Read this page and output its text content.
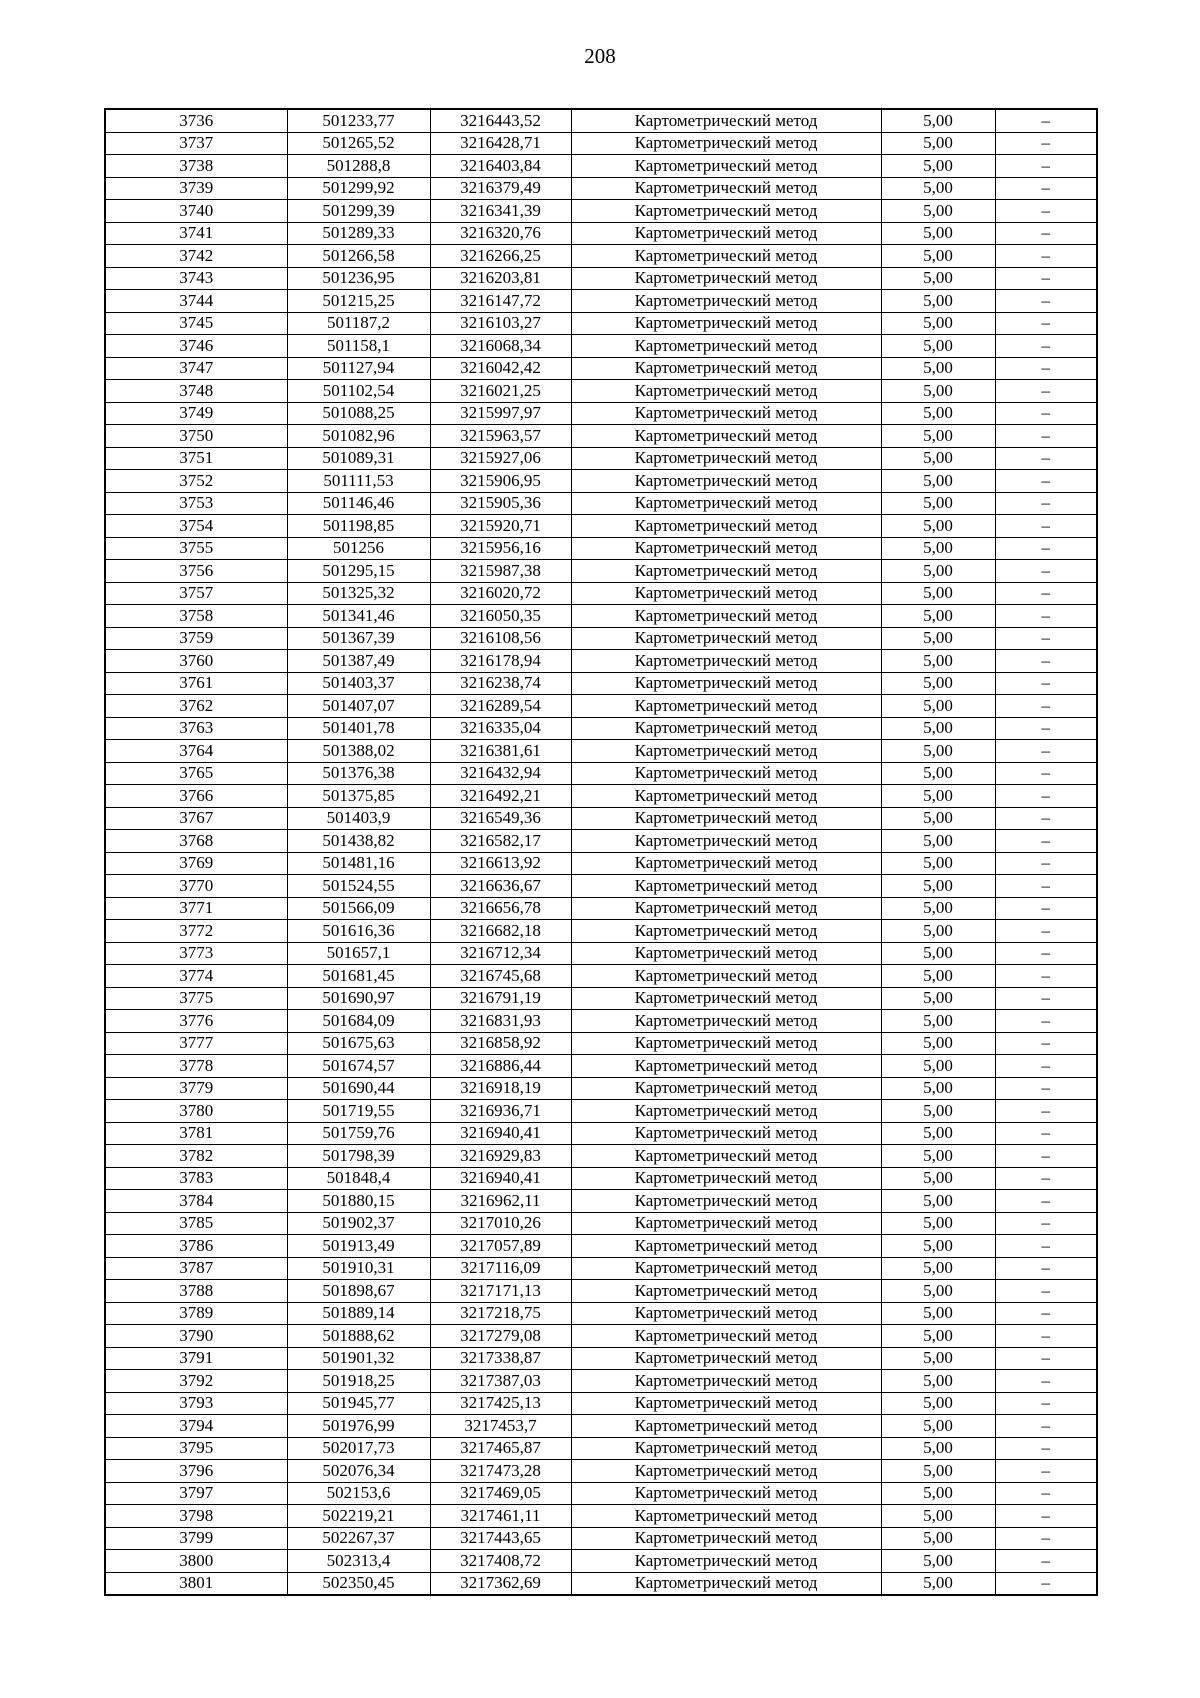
208
3736	501233,77	3216443,52	Картометрический метод	5,00	–
3737	501265,52	3216428,71	Картометрический метод	5,00	–
3738	501288,8	3216403,84	Картометрический метод	5,00	–
3739	501299,92	3216379,49	Картометрический метод	5,00	–
3740	501299,39	3216341,39	Картометрический метод	5,00	–
3741	501289,33	3216320,76	Картометрический метод	5,00	–
3742	501266,58	3216266,25	Картометрический метод	5,00	–
3743	501236,95	3216203,81	Картометрический метод	5,00	–
3744	501215,25	3216147,72	Картометрический метод	5,00	–
3745	501187,2	3216103,27	Картометрический метод	5,00	–
3746	501158,1	3216068,34	Картометрический метод	5,00	–
3747	501127,94	3216042,42	Картометрический метод	5,00	–
3748	501102,54	3216021,25	Картометрический метод	5,00	–
3749	501088,25	3215997,97	Картометрический метод	5,00	–
3750	501082,96	3215963,57	Картометрический метод	5,00	–
3751	501089,31	3215927,06	Картометрический метод	5,00	–
3752	501111,53	3215906,95	Картометрический метод	5,00	–
3753	501146,46	3215905,36	Картометрический метод	5,00	–
3754	501198,85	3215920,71	Картометрический метод	5,00	–
3755	501256	3215956,16	Картометрический метод	5,00	–
3756	501295,15	3215987,38	Картометрический метод	5,00	–
3757	501325,32	3216020,72	Картометрический метод	5,00	–
3758	501341,46	3216050,35	Картометрический метод	5,00	–
3759	501367,39	3216108,56	Картометрический метод	5,00	–
3760	501387,49	3216178,94	Картометрический метод	5,00	–
3761	501403,37	3216238,74	Картометрический метод	5,00	–
3762	501407,07	3216289,54	Картометрический метод	5,00	–
3763	501401,78	3216335,04	Картометрический метод	5,00	–
3764	501388,02	3216381,61	Картометрический метод	5,00	–
3765	501376,38	3216432,94	Картометрический метод	5,00	–
3766	501375,85	3216492,21	Картометрический метод	5,00	–
3767	501403,9	3216549,36	Картометрический метод	5,00	–
3768	501438,82	3216582,17	Картометрический метод	5,00	–
3769	501481,16	3216613,92	Картометрический метод	5,00	–
3770	501524,55	3216636,67	Картометрический метод	5,00	–
3771	501566,09	3216656,78	Картометрический метод	5,00	–
3772	501616,36	3216682,18	Картометрический метод	5,00	–
3773	501657,1	3216712,34	Картометрический метод	5,00	–
3774	501681,45	3216745,68	Картометрический метод	5,00	–
3775	501690,97	3216791,19	Картометрический метод	5,00	–
3776	501684,09	3216831,93	Картометрический метод	5,00	–
3777	501675,63	3216858,92	Картометрический метод	5,00	–
3778	501674,57	3216886,44	Картометрический метод	5,00	–
3779	501690,44	3216918,19	Картометрический метод	5,00	–
3780	501719,55	3216936,71	Картометрический метод	5,00	–
3781	501759,76	3216940,41	Картометрический метод	5,00	–
3782	501798,39	3216929,83	Картометрический метод	5,00	–
3783	501848,4	3216940,41	Картометрический метод	5,00	–
3784	501880,15	3216962,11	Картометрический метод	5,00	–
3785	501902,37	3217010,26	Картометрический метод	5,00	–
3786	501913,49	3217057,89	Картометрический метод	5,00	–
3787	501910,31	3217116,09	Картометрический метод	5,00	–
3788	501898,67	3217171,13	Картометрический метод	5,00	–
3789	501889,14	3217218,75	Картометрический метод	5,00	–
3790	501888,62	3217279,08	Картометрический метод	5,00	–
3791	501901,32	3217338,87	Картометрический метод	5,00	–
3792	501918,25	3217387,03	Картометрический метод	5,00	–
3793	501945,77	3217425,13	Картометрический метод	5,00	–
3794	501976,99	3217453,7	Картометрический метод	5,00	–
3795	502017,73	3217465,87	Картометрический метод	5,00	–
3796	502076,34	3217473,28	Картометрический метод	5,00	–
3797	502153,6	3217469,05	Картометрический метод	5,00	–
3798	502219,21	3217461,11	Картометрический метод	5,00	–
3799	502267,37	3217443,65	Картометрический метод	5,00	–
3800	502313,4	3217408,72	Картометрический метод	5,00	–
3801	502350,45	3217362,69	Картометрический метод	5,00	–
